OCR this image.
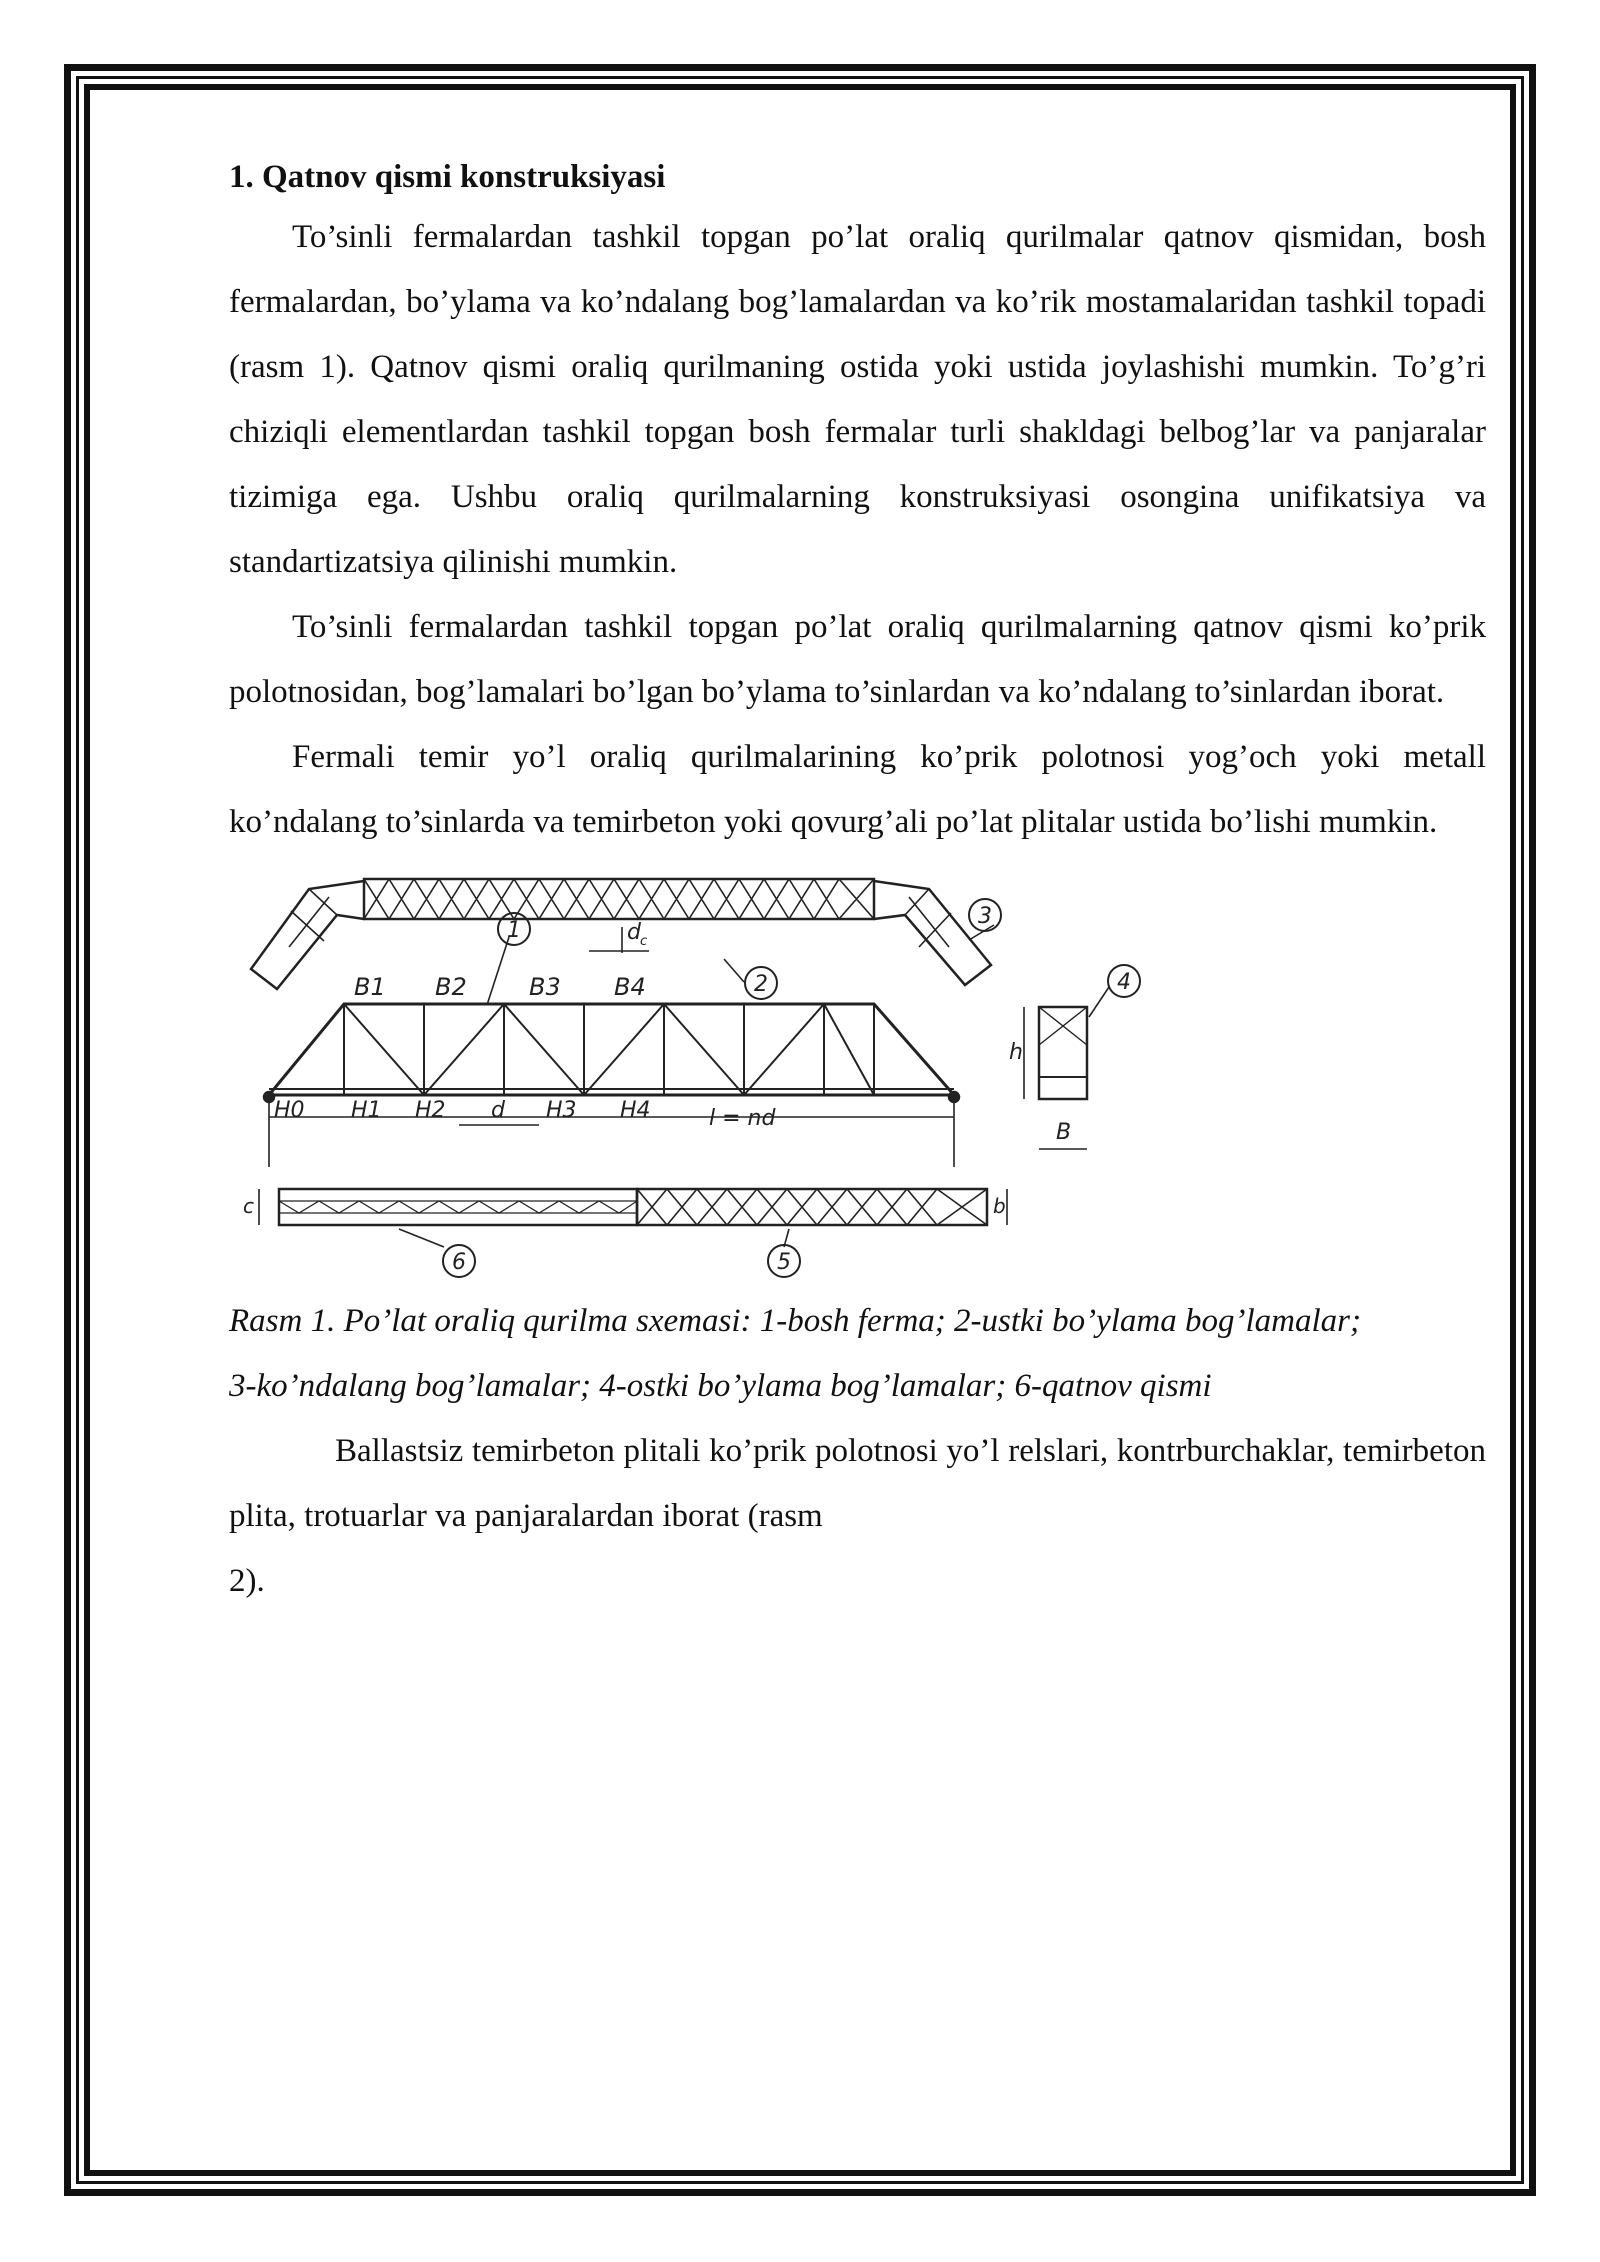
1. Qatnov qismi konstruksiyasi

To’sinli fermalardan tashkil topgan po’lat oraliq qurilmalar qatnov qismidan, bosh fermalardan, bo’ylama va ko’ndalang bog’lamalardan va ko’rik mostamalaridan tashkil topadi (rasm 1). Qatnov qismi oraliq qurilmaning ostida yoki ustida joylashishi mumkin. To’g’ri chiziqli elementlardan tashkil topgan bosh fermalar turli shakldagi belbog’lar va panjaralar tizimiga ega. Ushbu oraliq qurilmalarning konstruksiyasi osongina unifikatsiya va standartizatsiya qilinishi mumkin.

To’sinli fermalardan tashkil topgan po’lat oraliq qurilmalarning qatnov qismi ko’prik polotnosidan, bog’lamalari bo’lgan bo’ylama to’sinlardan va ko’ndalang to’sinlardan iborat.

Fermali temir yo’l oraliq qurilmalarining ko’prik polotnosi yog’och yoki metall ko’ndalang to’sinlarda va temirbeton yoki qovurg’ali po’lat plitalar ustida bo’lishi mumkin.

1
2
3
4
5
6
d c
B1 B2	B3 B4
H0 H1 H2 d H3 H4	l = nd
h
B
c	b

Rasm 1. Po’lat oraliq qurilma sxemasi: 1-bosh ferma; 2-ustki bo’ylama bog’lamalar;

3-ko’ndalang bog’lamalar; 4-ostki bo’ylama bog’lamalar; 6-qatnov qismi

Ballastsiz temirbeton plitali ko’prik polotnosi yo’l relslari, kontrburchaklar, temirbeton plita, trotuarlar va panjaralardan iborat (rasm

2).
